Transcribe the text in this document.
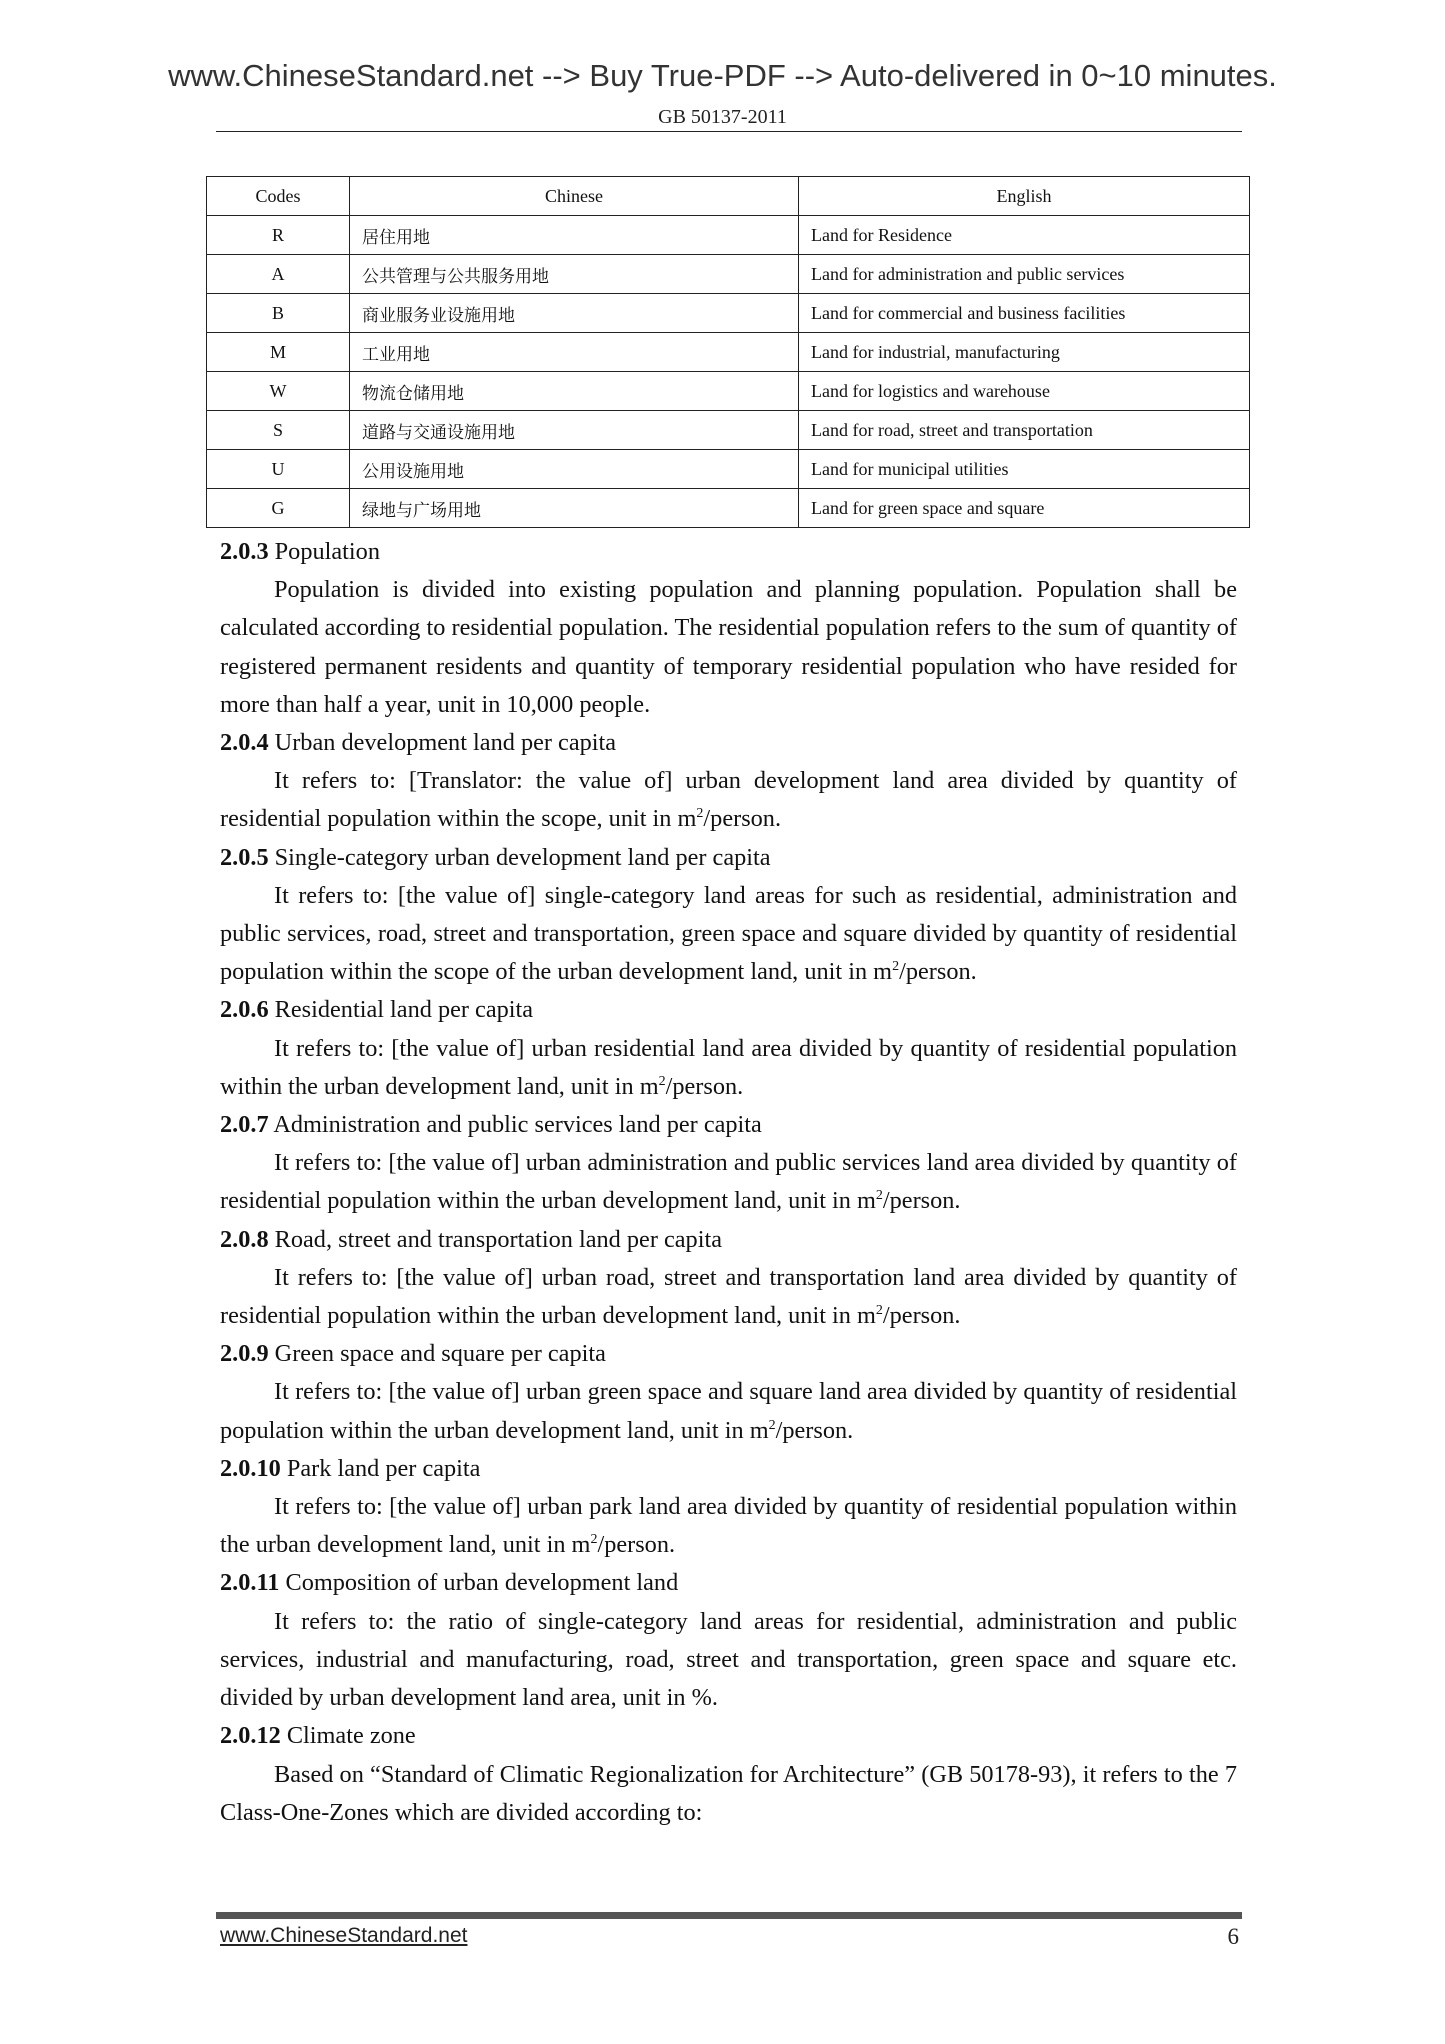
www.ChineseStandard.net --> Buy True-PDF --> Auto-delivered in 0~10 minutes.
GB 50137-2011
Codes	Chinese	English
R	居住用地	Land for Residence
A	公共管理与公共服务用地	Land for administration and public services
B	商业服务业设施用地	Land for commercial and business facilities
M	工业用地	Land for industrial, manufacturing
W	物流仓储用地	Land for logistics and warehouse
S	道路与交通设施用地	Land for road, street and transportation
U	公用设施用地	Land for municipal utilities
G	绿地与广场用地	Land for green space and square

2.0.3 Population

Population is divided into existing population and planning population. Population shall be calculated according to residential population. The residential population refers to the sum of quantity of registered permanent residents and quantity of temporary residential population who have resided for more than half a year, unit in 10,000 people.

2.0.4 Urban development land per capita

It refers to: [Translator: the value of] urban development land area divided by quantity of residential population within the scope, unit in $m^2$/person.

2.0.5 Single-category urban development land per capita

It refers to: [the value of] single-category land areas for such as residential, administration and public services, road, street and transportation, green space and square divided by quantity of residential population within the scope of the urban development land, unit in $m^2$/person.

2.0.6 Residential land per capita

It refers to: [the value of] urban residential land area divided by quantity of residential population within the urban development land, unit in $m^2$/person.

2.0.7 Administration and public services land per capita

It refers to: [the value of] urban administration and public services land area divided by quantity of residential population within the urban development land, unit in $m^2$/person.

2.0.8 Road, street and transportation land per capita

It refers to: [the value of] urban road, street and transportation land area divided by quantity of residential population within the urban development land, unit in $m^2$/person.

2.0.9 Green space and square per capita

It refers to: [the value of] urban green space and square land area divided by quantity of residential population within the urban development land, unit in $m^2$/person.

2.0.10 Park land per capita

It refers to: [the value of] urban park land area divided by quantity of residential population within the urban development land, unit in $m^2$/person.

2.0.11 Composition of urban development land

It refers to: the ratio of single-category land areas for residential, administration and public services, industrial and manufacturing, road, street and transportation, green space and square etc. divided by urban development land area, unit in %.

2.0.12 Climate zone

Based on “Standard of Climatic Regionalization for Architecture” (GB 50178-93), it refers to the 7 Class-One-Zones which are divided according to:

www.ChineseStandard.net	6
